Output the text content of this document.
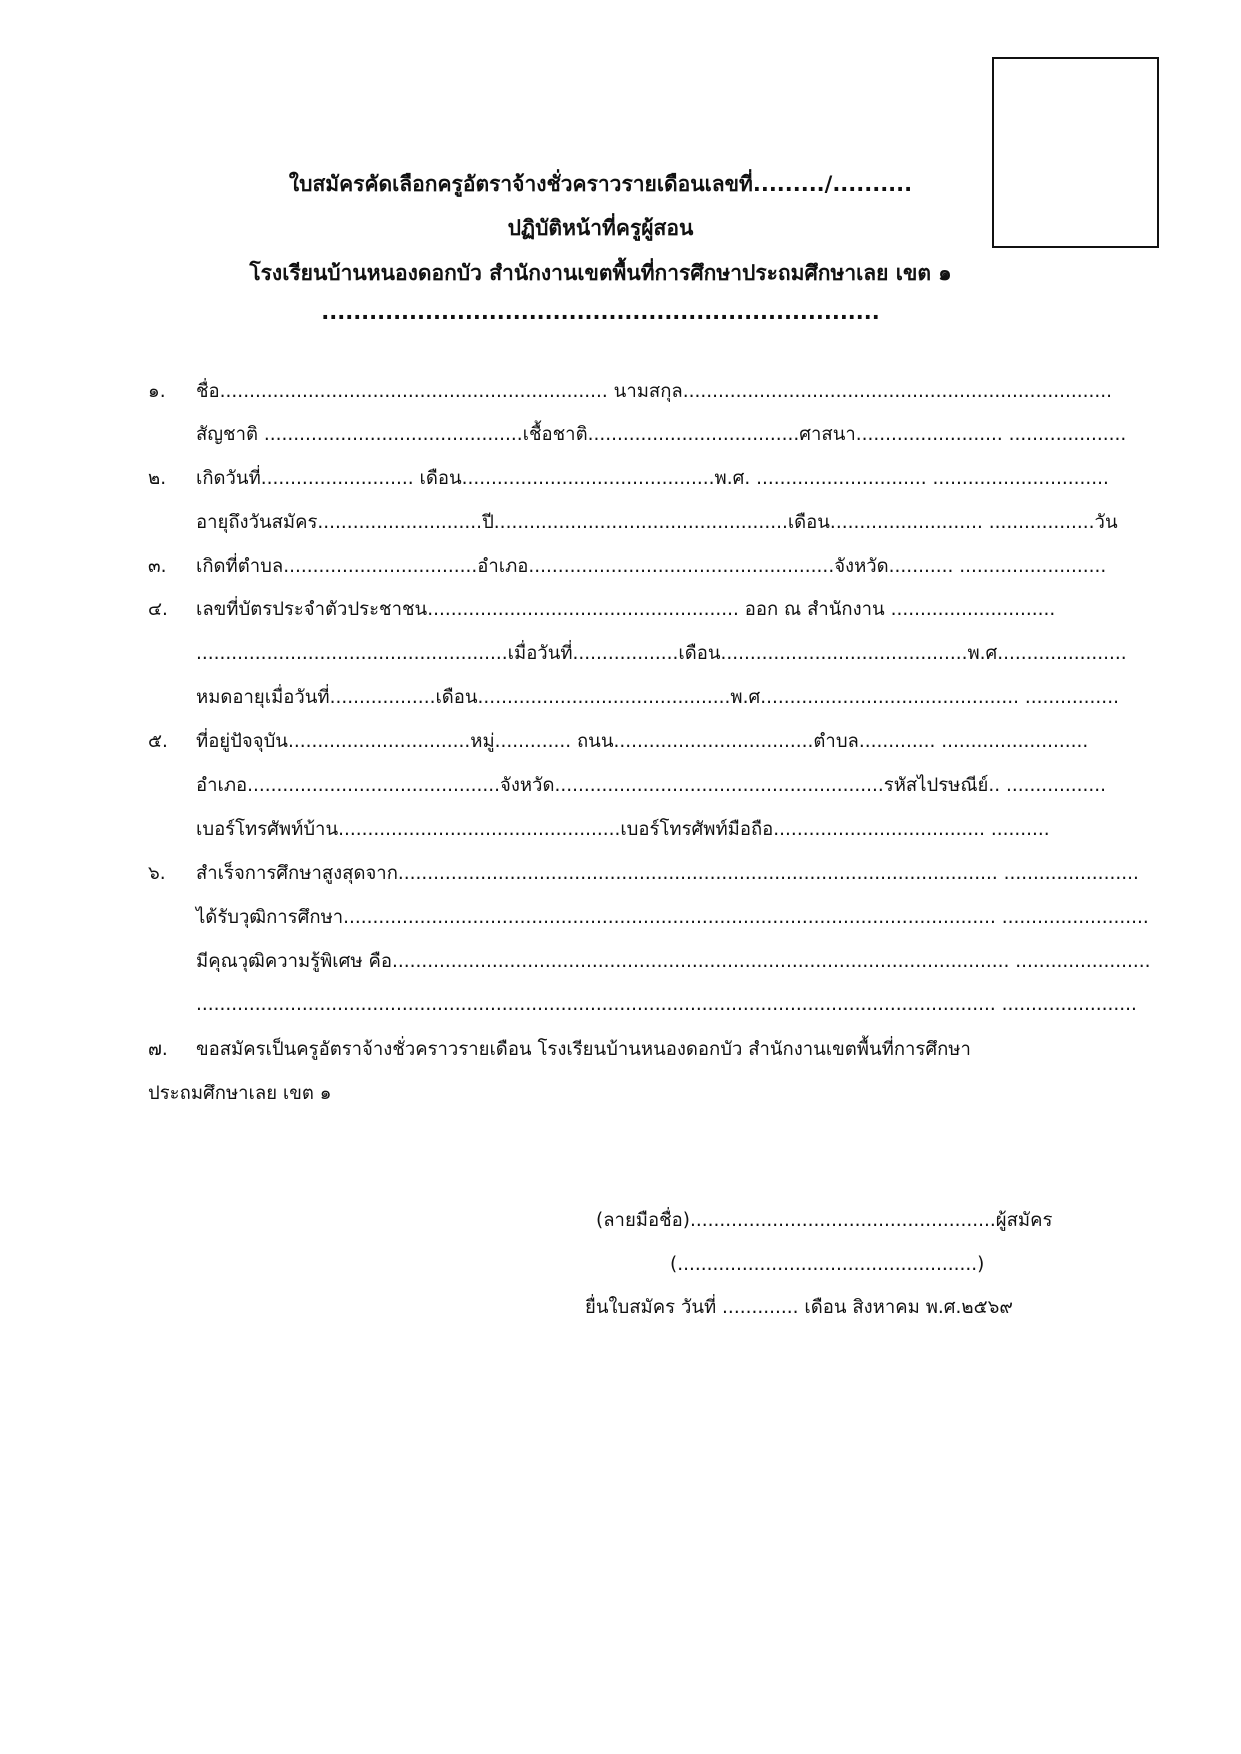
ใบสมัครคัดเลือกครูอัตราจ้างชั่วคราวรายเดือนเลขที่........./..........
ปฏิบัติหน้าที่ครูผู้สอน
โรงเรียนบ้านหนองดอกบัว สำนักงานเขตพื้นที่การศึกษาประถมศึกษาเลย เขต ๑
......................................................................
๑. ชื่อ.................................................................. นามสกุล.........................................................................
สัญชาติ ............................................เชื้อชาติ....................................ศาสนา......................... ....................
๒. เกิดวันที่.......................... เดือน...........................................พ.ศ. ............................. ..............................
อายุถึงวันสมัคร............................ปี..................................................เดือน.......................... ..................วัน
๓. เกิดที่ตำบล.................................อำเภอ....................................................จังหวัด........... .........................
๔. เลขที่บัตรประจำตัวประชาชน..................................................... ออก ณ สำนักงาน ............................
.....................................................เมื่อวันที่..................เดือน..........................................พ.ศ......................
หมดอายุเมื่อวันที่..................เดือน...........................................พ.ศ............................................ ................
๕. ที่อยู่ปัจจุบัน...............................หมู่............. ถนน..................................ตำบล............. .........................
อำเภอ...........................................จังหวัด........................................................รหัสไปรษณีย์.. .................
เบอร์โทรศัพท์บ้าน................................................เบอร์โทรศัพท์มือถือ.................................... ..........
๖. สำเร็จการศึกษาสูงสุดจาก...................................................................................................... .......................
ได้รับวุฒิการศึกษา............................................................................................................... .........................
มีคุณวุฒิความรู้พิเศษ คือ......................................................................................................... .......................
........................................................................................................................................ .......................
๗. ขอสมัครเป็นครูอัตราจ้างชั่วคราวรายเดือน โรงเรียนบ้านหนองดอกบัว สำนักงานเขตพื้นที่การศึกษา
ประถมศึกษาเลย เขต ๑
(ลายมือชื่อ)....................................................ผู้สมัคร
(...................................................)
ยื่นใบสมัคร วันที่ ............. เดือน สิงหาคม พ.ศ.๒๕๖๙
